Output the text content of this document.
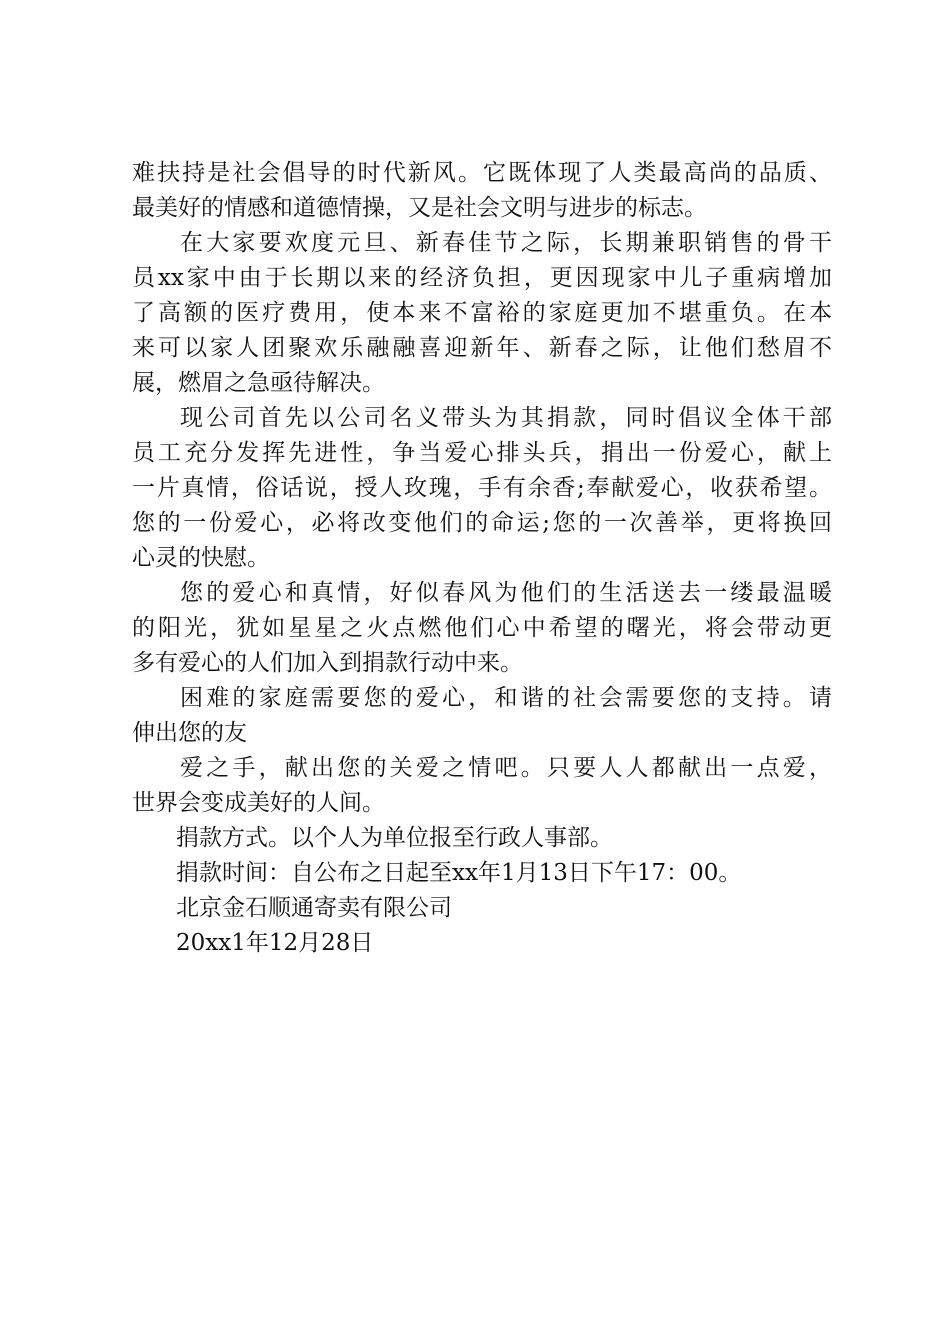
难扶持是社会倡导的时代新风。它既体现了人类最高尚的品质、
最美好的情感和道德情操，又是社会文明与进步的标志。
在大家要欢度元旦、新春佳节之际，长期兼职销售的骨干
员xx家中由于长期以来的经济负担，更因现家中儿子重病增加
了高额的医疗费用，使本来不富裕的家庭更加不堪重负。在本
来可以家人团聚欢乐融融喜迎新年、新春之际，让他们愁眉不
展，燃眉之急亟待解决。
现公司首先以公司名义带头为其捐款，同时倡议全体干部
员工充分发挥先进性，争当爱心排头兵，捐出一份爱心，献上
一片真情，俗话说，授人玫瑰，手有余香;奉献爱心，收获希望。
您的一份爱心，必将改变他们的命运;您的一次善举，更将换回
心灵的快慰。
您的爱心和真情，好似春风为他们的生活送去一缕最温暖
的阳光，犹如星星之火点燃他们心中希望的曙光，将会带动更
多有爱心的人们加入到捐款行动中来。
困难的家庭需要您的爱心，和谐的社会需要您的支持。请
伸出您的友
爱之手，献出您的关爱之情吧。只要人人都献出一点爱，
世界会变成美好的人间。
捐款方式。以个人为单位报至行政人事部。
捐款时间：自公布之日起至xx年1月13日下午17：00。
北京金石顺通寄卖有限公司
20xx1年12月28日
